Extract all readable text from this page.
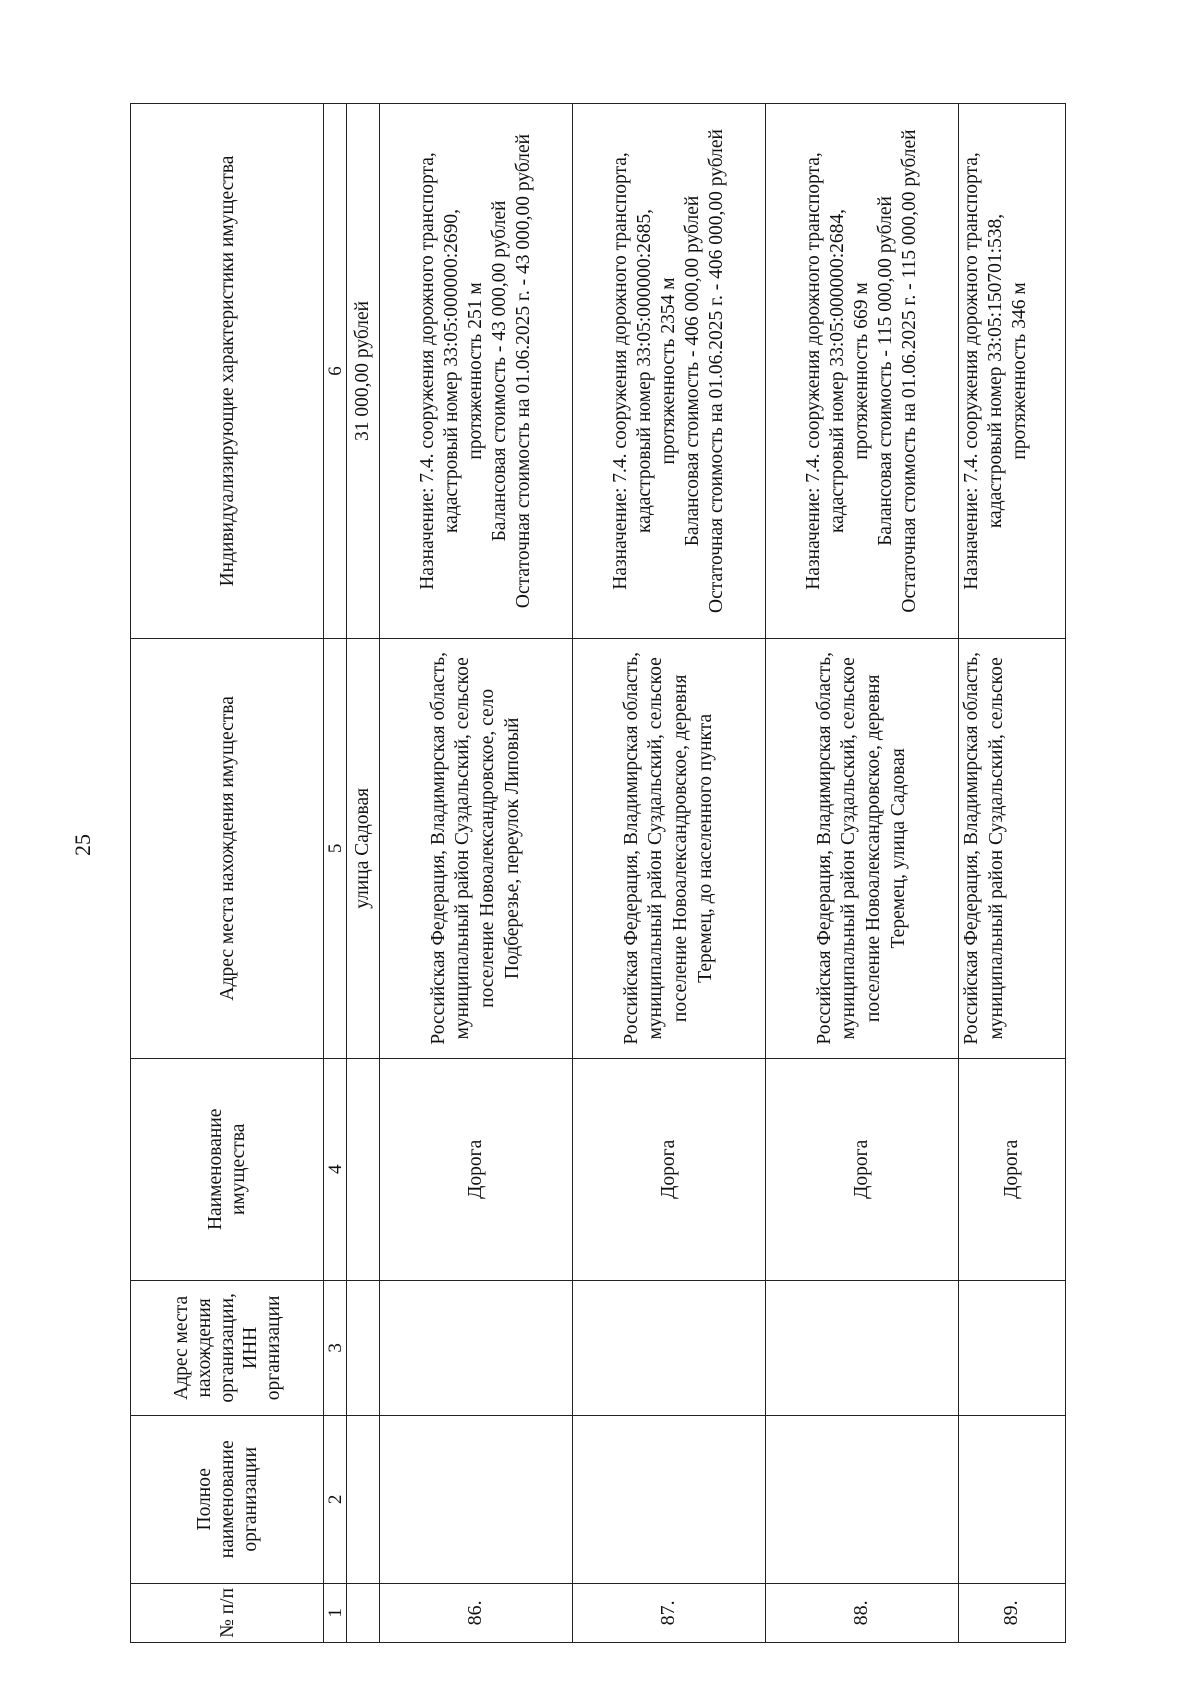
25
№ п/п	Полное наименование организации	Адрес места нахождения организации, ИНН организации	Наименование имущества	Адрес места нахождения имущества	Индивидуализирующие характеристики имущества
1	2	3	4	5	6
				улица Садовая	31 000,00 рублей
86.			Дорога	Российская Федерация, Владимирская область, муниципальный район Суздальский, сельское поселение Новоалександровское, село Подберезье, переулок Липовый	Назначение: 7.4. сооружения дорожного транспорта, кадастровый номер 33:05:000000:2690, протяженность 251 м Балансовая стоимость - 43 000,00 рублей Остаточная стоимость на 01.06.2025 г. - 43 000,00 рублей

87.			Дорога	Российская Федерация, Владимирская область, муниципальный район Суздальский, сельское поселение Новоалександровское, деревня Теремец, до населенного пункта	Назначение: 7.4. сооружения дорожного транспорта, кадастровый номер 33:05:000000:2685, протяженность 2354 м Балансовая стоимость - 406 000,00 рублей Остаточная стоимость на 01.06.2025 г. - 406 000,00 рублей

88.			Дорога	Российская Федерация, Владимирская область, муниципальный район Суздальский, сельское поселение Новоалександровское, деревня Теремец, улица Садовая	Назначение: 7.4. сооружения дорожного транспорта, кадастровый номер 33:05:000000:2684, протяженность 669 м Балансовая стоимость - 115 000,00 рублей Остаточная стоимость на 01.06.2025 г. - 115 000,00 рублей

89.			Дорога	Российская Федерация, Владимирская область, муниципальный район Суздальский, сельское	Назначение: 7.4. сооружения дорожного транспорта, кадастровый номер 33:05:150701:538, протяженность 346 м
